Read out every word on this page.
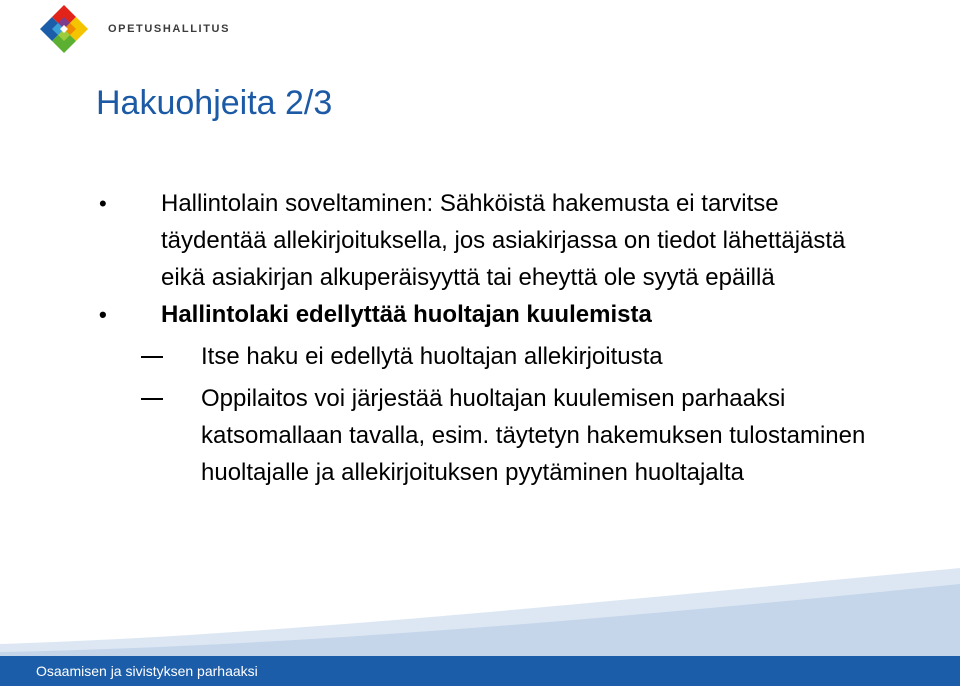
OPETUSHALLITUS
Hakuohjeita 2/3
• Hallintolain soveltaminen: Sähköistä hakemusta ei tarvitse täydentää allekirjoituksella, jos asiakirjassa on tiedot lähettäjästä eikä asiakirjan alkuperäisyyttä tai eheyttä ole syytä epäillä
• Hallintolaki edellyttää huoltajan kuulemista
Itse haku ei edellytä huoltajan allekirjoitusta
Oppilaitos voi järjestää huoltajan kuulemisen parhaaksi katsomallaan tavalla, esim. täytetyn hakemuksen tulostaminen huoltajalle ja allekirjoituksen pyytäminen huoltajalta
Osaamisen ja sivistyksen parhaaksi
